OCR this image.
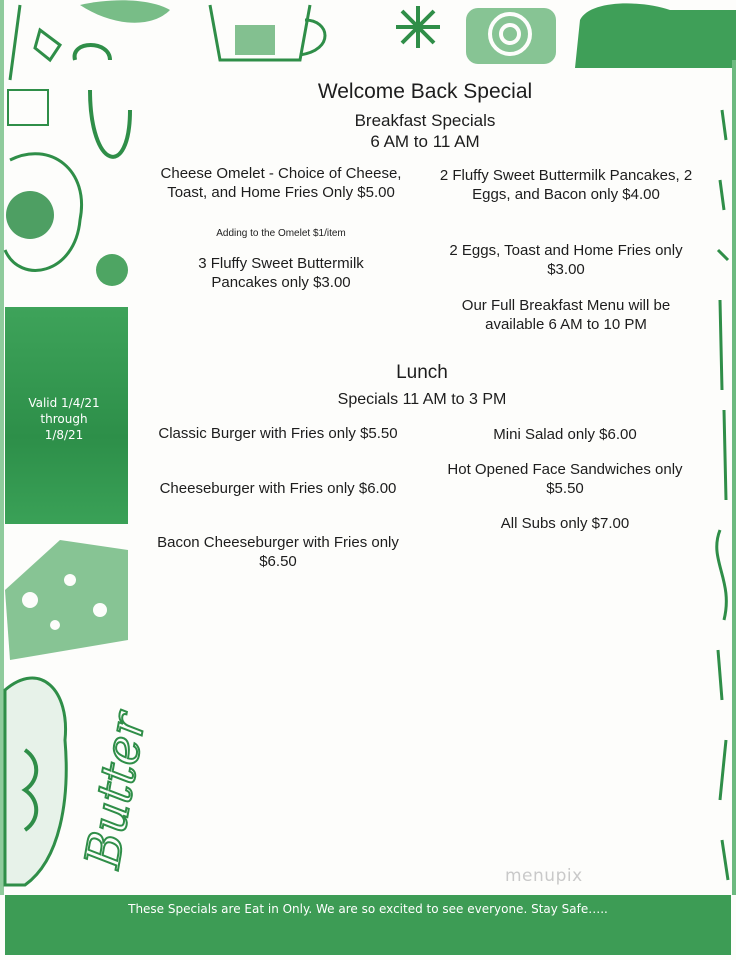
Butter
Valid 1/4/21
through
1/8/21
Welcome Back Special
Breakfast Specials
6 AM to 11 AM
Cheese Omelet - Choice of Cheese, Toast, and Home Fries Only $5.00
Adding to the Omelet $1/item
3 Fluffy Sweet Buttermilk Pancakes only $3.00
2 Fluffy Sweet Buttermilk Pancakes, 2 Eggs, and Bacon only $4.00
2 Eggs, Toast and Home Fries only $3.00
Our Full Breakfast Menu will be available 6 AM to 10 PM
Lunch
Specials 11 AM to 3 PM
Classic Burger with Fries only $5.50
Cheeseburger with Fries only $6.00
Bacon Cheeseburger with Fries only $6.50
Mini Salad only $6.00
Hot Opened Face Sandwiches only $5.50
All Subs only $7.00
menupix
These Specials are Eat in Only. We are so excited to see everyone. Stay Safe…..
